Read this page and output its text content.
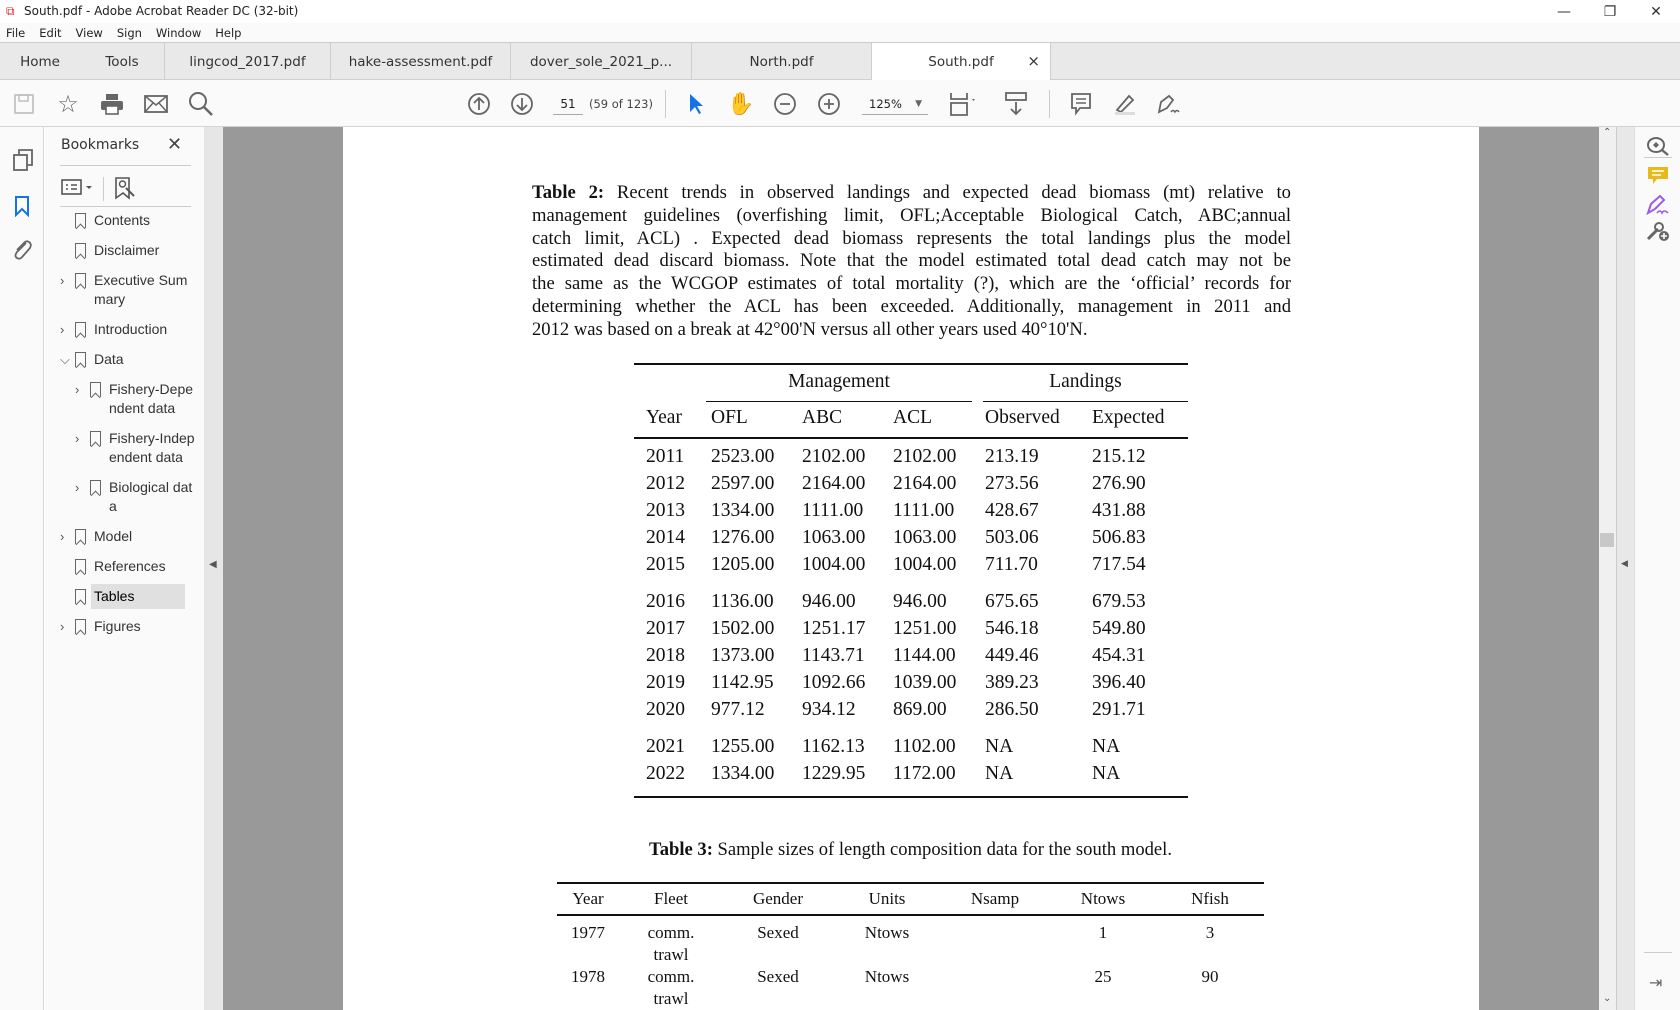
⧉ South.pdf - Adobe Acrobat Reader DC (32-bit)	—	❐	✕
File Edit View Sign Window Help
Home	Tools	lingcod_2017.pdf	hake-assessment.pdf	dover_sole_2021_p...	North.pdf	South.pdf ×
☆	51	(59 of 123)	✋	125% ▼
Bookmarks ✕
Contents
Disclaimer
› Executive Summary
› Introduction
⌵ Data
› Fishery-Dependent data
› Fishery-Independent data
› Biological data
› Model
References
Tables
› Figures
◀
Table 2: Recent trends in observed landings and expected dead biomass (mt) relative to
management guidelines (overfishing limit, OFL;Acceptable Biological Catch, ABC;annual
catch limit, ACL) . Expected dead biomass represents the total landings plus the model
estimated dead discard biomass. Note that the model estimated total dead catch may not be
the same as the WCGOP estimates of total mortality (?), which are the ‘official’ records for
determining whether the ACL has been exceeded. Additionally, management in 2011 and
2012 was based on a break at 42°00'N versus all other years used 40°10'N.
Management	Landings
Year OFL	ABC	ACL	Observed Expected
2011 2523.00 2102.00 2102.00 213.19	215.12
2012 2597.00 2164.00 2164.00 273.56	276.90
2013 1334.00 1111.00 1111.00 428.67	431.88
2014 1276.00 1063.00 1063.00 503.06	506.83
2015 1205.00 1004.00 1004.00 711.70	717.54
2016 1136.00 946.00 946.00 675.65	679.53
2017 1502.00 1251.17 1251.00 546.18	549.80
2018 1373.00 1143.71 1144.00 449.46	454.31
2019 1142.95 1092.66 1039.00 389.23	396.40
2020 977.12 934.12 869.00 286.50	291.71
2021 1255.00 1162.13 1102.00 NA	NA
2022 1334.00 1229.95 1172.00 NA	NA
Table 3: Sample sizes of length composition data for the south model.
Year	Fleet	Gender	Units	Nsamp	Ntows	Nfish
1977	comm. trawl
Sexed	Ntows	1	3
1978	comm. trawl
Sexed	Ntows	25	90
⌃
⌄
◀
⇥
